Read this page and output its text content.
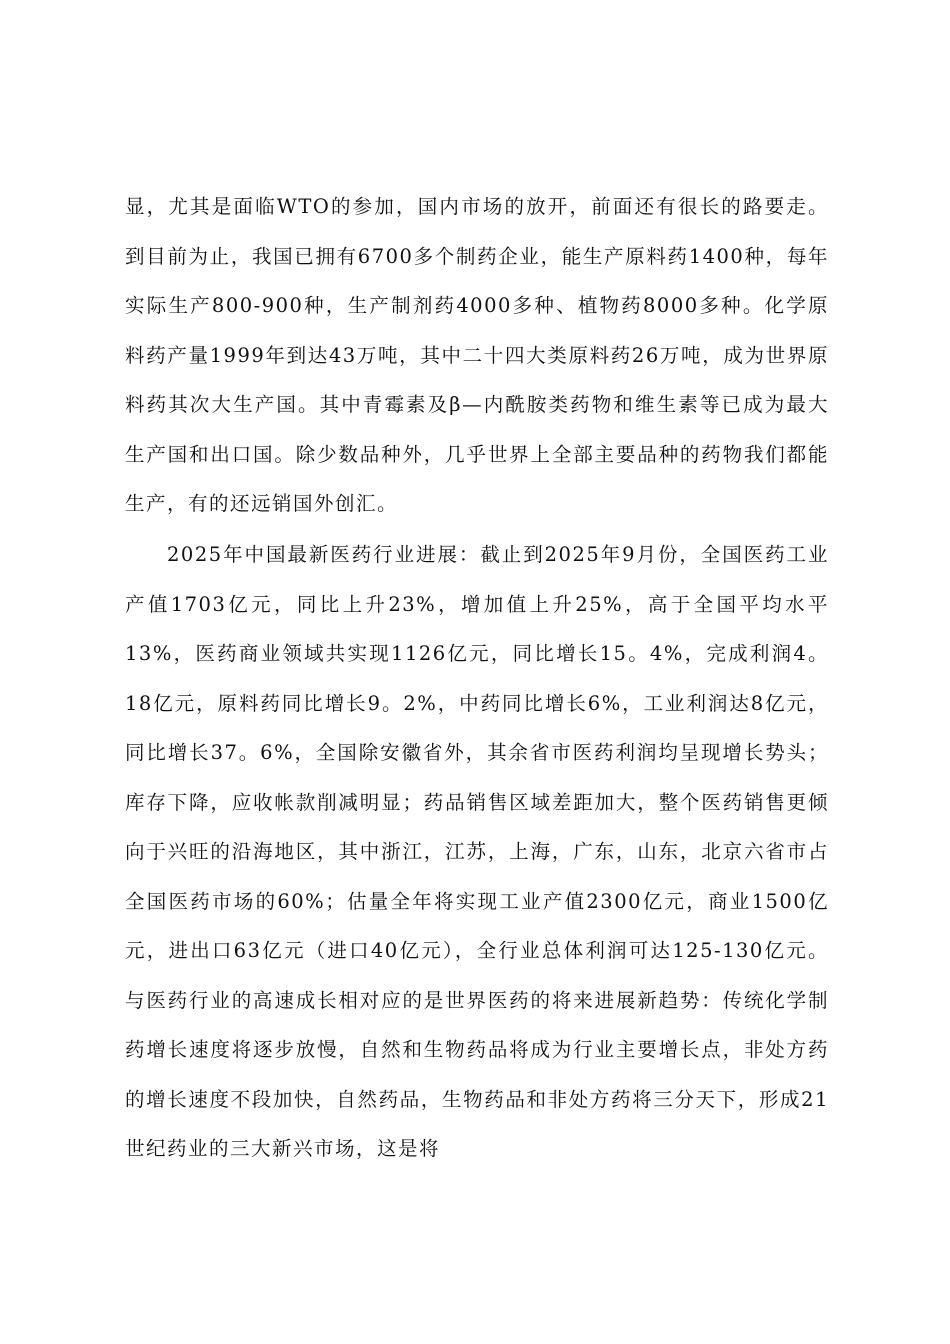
显，尤其是面临WTO的参加，国内市场的放开，前面还有很长的路要走。到目前为止，我国已拥有6700多个制药企业，能生产原料药1400种，每年实际生产800-900种，生产制剂药4000多种、植物药8000多种。化学原料药产量1999年到达43万吨，其中二十四大类原料药26万吨，成为世界原料药其次大生产国。其中青霉素及β—内酰胺类药物和维生素等已成为最大生产国和出口国。除少数品种外，几乎世界上全部主要品种的药物我们都能生产，有的还远销国外创汇。

2025年中国最新医药行业进展：截止到2025年9月份，全国医药工业产值1703亿元，同比上升23%，增加值上升25%，高于全国平均水平13%，医药商业领域共实现1126亿元，同比增长15。4%，完成利润4。18亿元，原料药同比增长9。2%，中药同比增长6%，工业利润达8亿元，同比增长37。6%，全国除安徽省外，其余省市医药利润均呈现增长势头；库存下降，应收帐款削减明显；药品销售区域差距加大，整个医药销售更倾向于兴旺的沿海地区，其中浙江，江苏，上海，广东，山东，北京六省市占全国医药市场的60%；估量全年将实现工业产值2300亿元，商业1500亿元，进出口63亿元（进口40亿元），全行业总体利润可达125-130亿元。与医药行业的高速成长相对应的是世界医药的将来进展新趋势：传统化学制药增长速度将逐步放慢，自然和生物药品将成为行业主要增长点，非处方药的增长速度不段加快，自然药品，生物药品和非处方药将三分天下，形成21世纪药业的三大新兴市场，这是将
